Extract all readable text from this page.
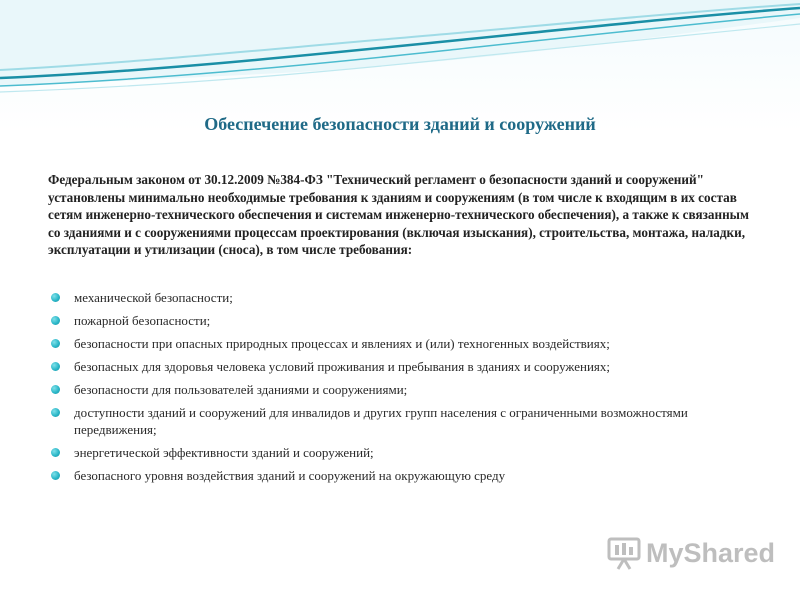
Обеспечение безопасности зданий и сооружений

Федеральным законом от 30.12.2009 №384-ФЗ "Технический регламент о безопасности зданий и сооружений" установлены минимально необходимые требования к зданиям и сооружениям (в том числе к входящим в их состав сетям инженерно-технического обеспечения и системам инженерно-технического обеспечения), а также к связанным со зданиями и с сооружениями процессам проектирования (включая изыскания), строительства, монтажа, наладки, эксплуатации и утилизации (сноса), в том числе требования:

механической безопасности;
пожарной безопасности;
безопасности при опасных природных процессах и явлениях и (или) техногенных воздействиях;
безопасных для здоровья человека условий проживания и пребывания в зданиях и сооружениях;
безопасности для пользователей зданиями и сооружениями;
доступности зданий и сооружений для инвалидов и других групп населения с ограниченными возможностями передвижения;
энергетической эффективности зданий и сооружений;
безопасного уровня воздействия зданий и сооружений на окружающую среду
MyShared
